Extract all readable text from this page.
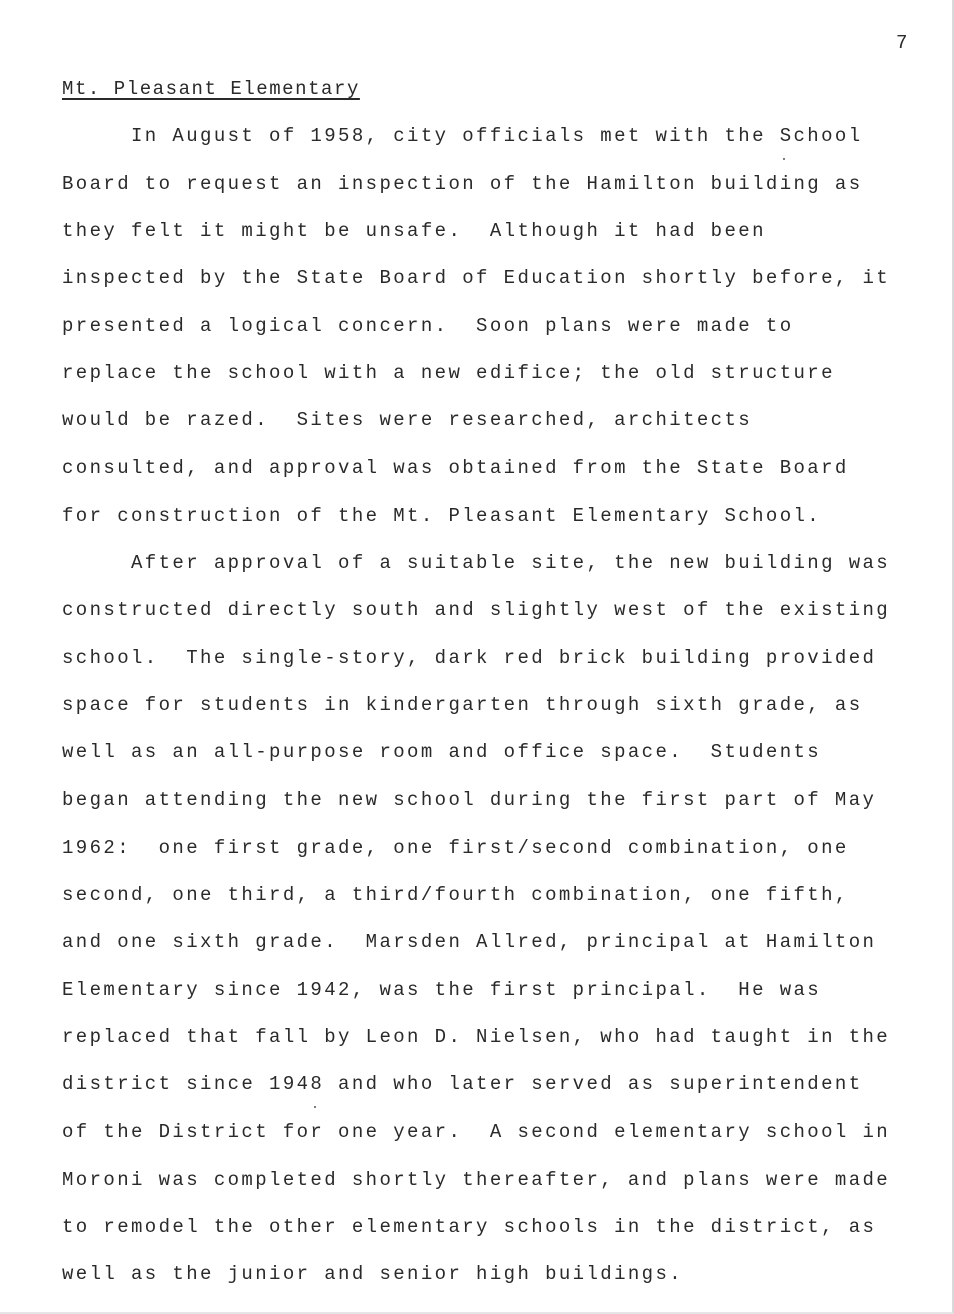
7
Mt. Pleasant Elementary
In August of 1958, city officials met with the School
Board to request an inspection of the Hamilton building as
they felt it might be unsafe.  Although it had been
inspected by the State Board of Education shortly before, it
presented a logical concern.  Soon plans were made to
replace the school with a new edifice; the old structure
would be razed.  Sites were researched, architects
consulted, and approval was obtained from the State Board
for construction of the Mt. Pleasant Elementary School.
After approval of a suitable site, the new building was
constructed directly south and slightly west of the existing
school.  The single-story, dark red brick building provided
space for students in kindergarten through sixth grade, as
well as an all-purpose room and office space.  Students
began attending the new school during the first part of May
1962:  one first grade, one first/second combination, one
second, one third, a third/fourth combination, one fifth,
and one sixth grade.  Marsden Allred, principal at Hamilton
Elementary since 1942, was the first principal.  He was
replaced that fall by Leon D. Nielsen, who had taught in the
district since 1948 and who later served as superintendent
of the District for one year.  A second elementary school in
Moroni was completed shortly thereafter, and plans were made
to remodel the other elementary schools in the district, as
well as the junior and senior high buildings.
